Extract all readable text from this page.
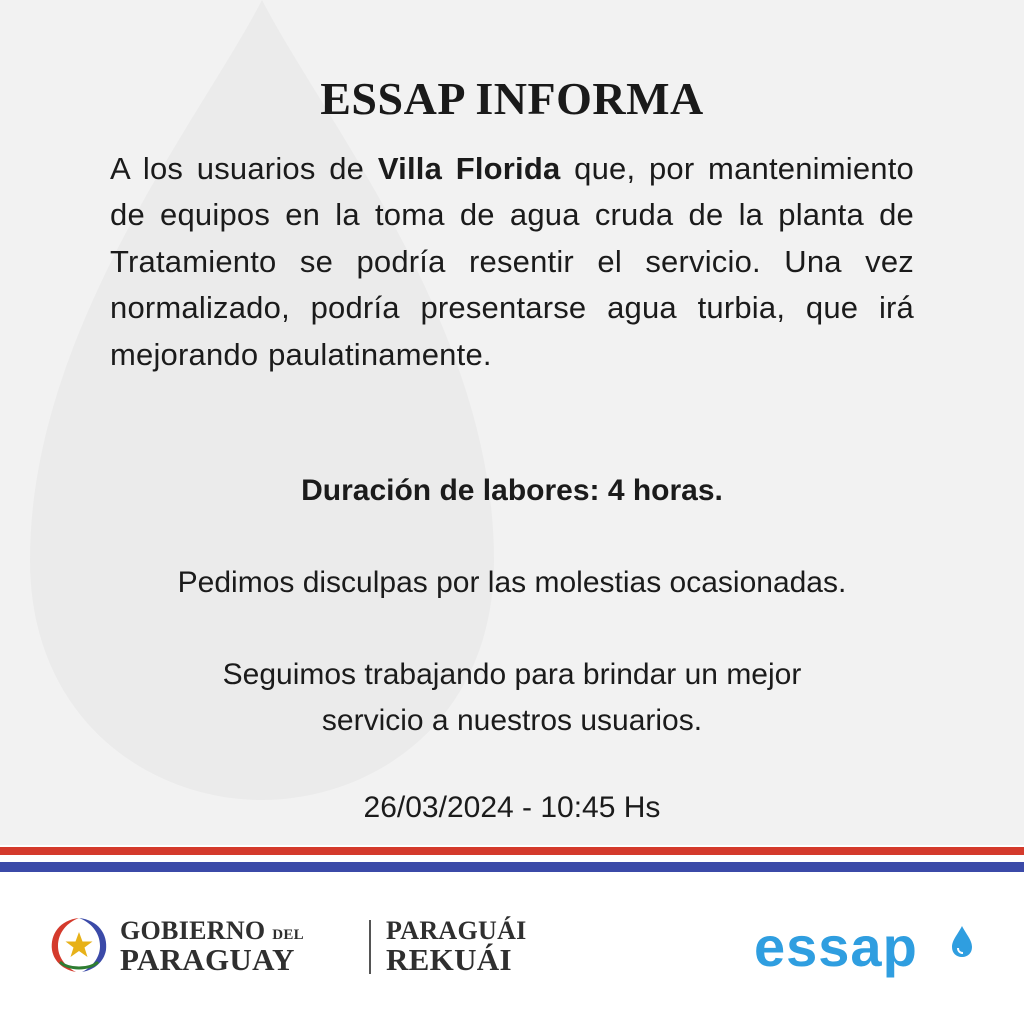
ESSAP INFORMA
A los usuarios de Villa Florida que, por mantenimiento de equipos en la toma de agua cruda de la planta de Tratamiento se podría resentir el servicio. Una vez normalizado, podría presentarse agua turbia, que irá mejorando paulatinamente.
Duración de labores: 4 horas.
Pedimos disculpas por las molestias ocasionadas.
Seguimos trabajando para brindar un mejor
servicio a nuestros usuarios.
26/03/2024 - 10:45 Hs
GOBIERNO DEL
PARAGUAY
PARAGUÁI
REKUÁI	essap
